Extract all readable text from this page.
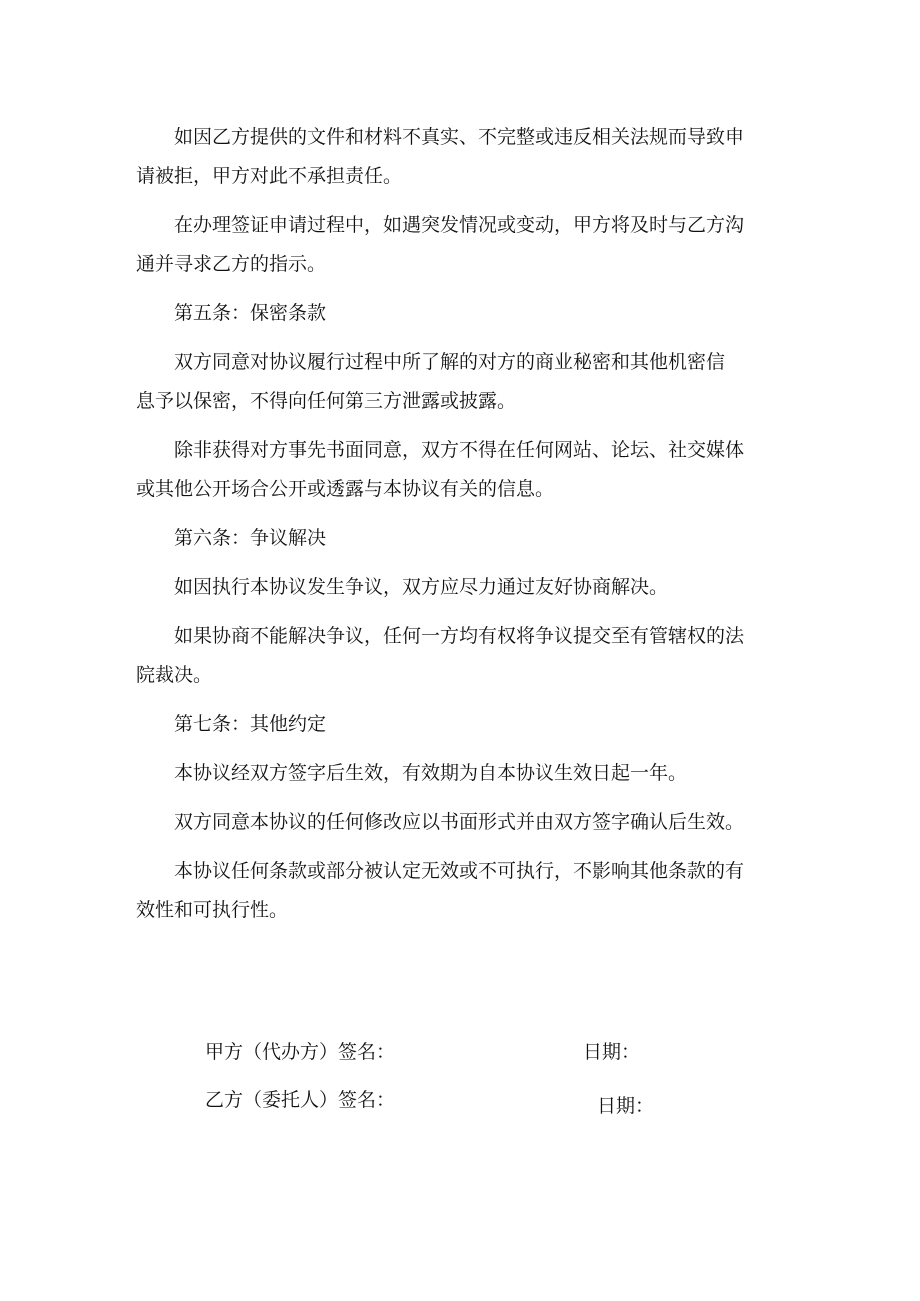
如因乙方提供的文件和材料不真实、不完整或违反相关法规而导致申
请被拒，甲方对此不承担责任。

在办理签证申请过程中，如遇突发情况或变动，甲方将及时与乙方沟
通并寻求乙方的指示。

第五条：保密条款

双方同意对协议履行过程中所了解的对方的商业秘密和其他机密信
息予以保密，不得向任何第三方泄露或披露。

除非获得对方事先书面同意，双方不得在任何网站、论坛、社交媒体
或其他公开场合公开或透露与本协议有关的信息。

第六条：争议解决

如因执行本协议发生争议，双方应尽力通过友好协商解决。

如果协商不能解决争议，任何一方均有权将争议提交至有管辖权的法
院裁决。

第七条：其他约定

本协议经双方签字后生效，有效期为自本协议生效日起一年。

双方同意本协议的任何修改应以书面形式并由双方签字确认后生效。

本协议任何条款或部分被认定无效或不可执行，不影响其他条款的有
效性和可执行性。

甲方（代办方）签名：	日期：
乙方（委托人）签名：	日期：
